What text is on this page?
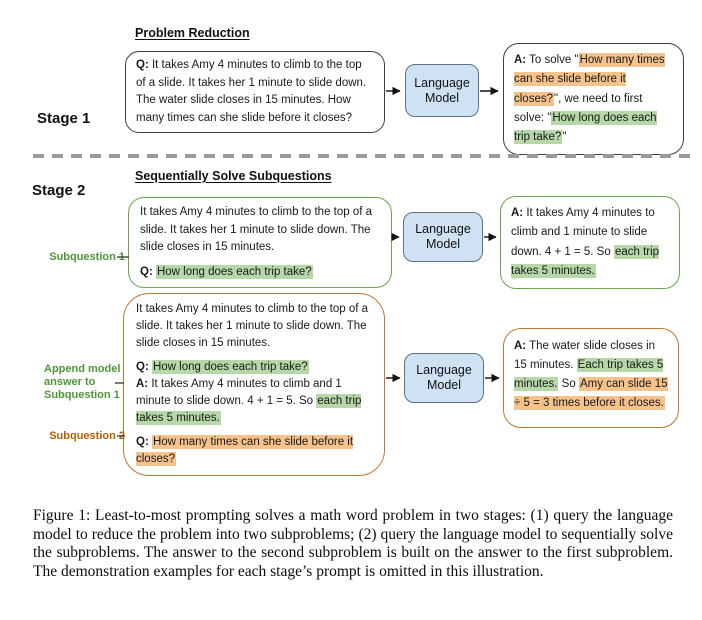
Stage 1
Problem Reduction

Q: It takes Amy 4 minutes to climb to the top of a slide. It takes her 1 minute to slide down. The water slide closes in 15 minutes. How many times can she slide before it closes?

Language
Model

A: To solve "How many times can she slide before it closes?", we need to first solve: "How long does each trip take?"

Stage 2
Sequentially Solve Subquestions

It takes Amy 4 minutes to climb to the top of a slide. It takes her 1 minute to slide down. The slide closes in 15 minutes.

Q: How long does each trip take?

Language
Model

A: It takes Amy 4 minutes to climb and 1 minute to slide down. 4 + 1 = 5. So each trip takes 5 minutes.

Subquestion 1

It takes Amy 4 minutes to climb to the top of a slide. It takes her 1 minute to slide down. The slide closes in 15 minutes.

Q: How long does each trip take?

A: It takes Amy 4 minutes to climb and 1 minute to slide down. 4 + 1 = 5. So each trip takes 5 minutes.

Q: How many times can she slide before it closes?

Language
Model

A: The water slide closes in 15 minutes. Each trip takes 5 minutes. So Amy can slide 15 ÷ 5 = 3 times before it closes.

Append model answer to Subquestion 1
Subquestion 2
Figure 1: Least-to-most prompting solves a math word problem in two stages: (1) query the language model to reduce the problem into two subproblems; (2) query the language model to sequentially solve the subproblems. The answer to the second subproblem is built on the answer to the first subproblem. The demonstration examples for each stage’s prompt is omitted in this illustration.
